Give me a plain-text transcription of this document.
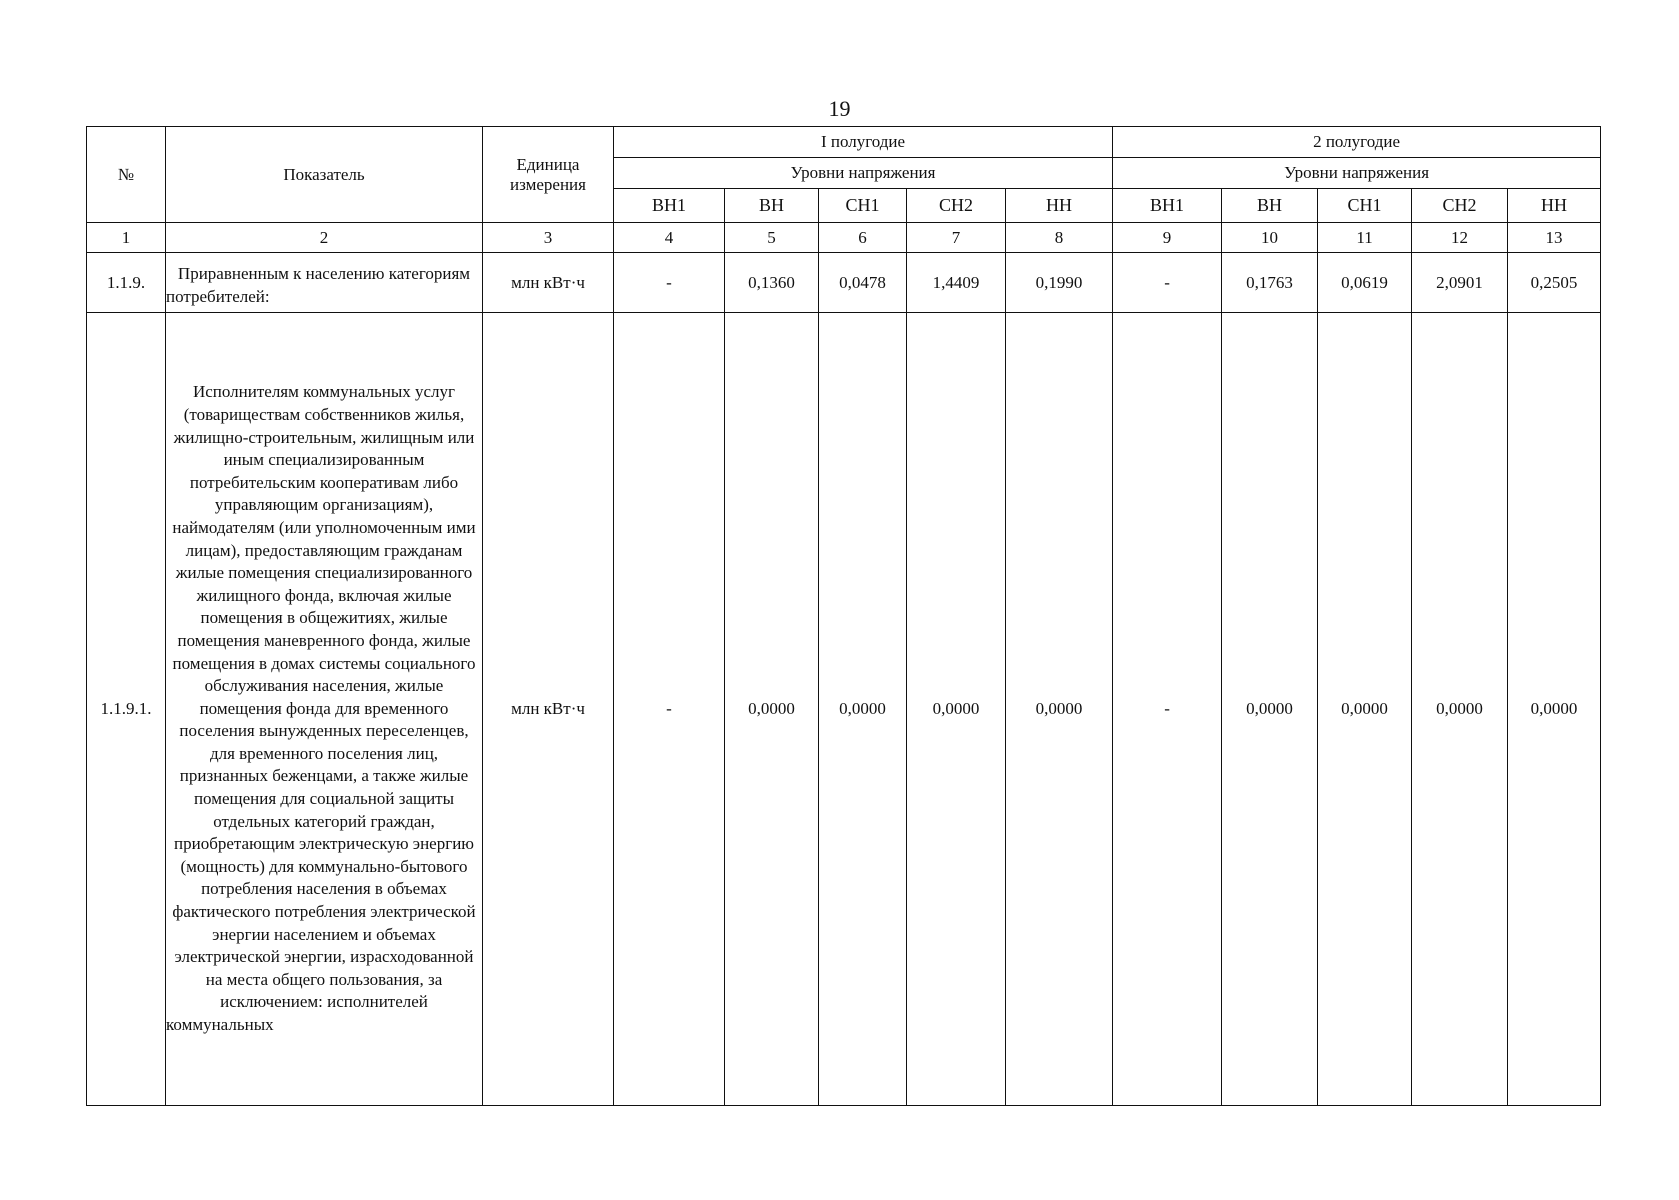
19
№	Показатель	Единица измерения	I полугодие					2 полугодие				
			Уровни напряжения					Уровни напряжения				
			ВН1	ВН	СН1	СН2	НН	ВН1	ВН	СН1	СН2	НН
1	2	3	4	5	6	7	8	9	10	11	12	13
1.1.9.	Приравненным к населению категориям потребителей:	млн кВт·ч	-	0,1360	0,0478	1,4409	0,1990	-	0,1763	0,0619	2,0901	0,2505
1.1.9.1.	Исполнителям коммунальных услуг (товариществам собственников жилья, жилищно-строительным, жилищным или иным специализированным потребительским кооперативам либо управляющим организациям), наймодателям (или уполномоченным ими лицам), предоставляющим гражданам жилые помещения специализированного жилищного фонда, включая жилые помещения в общежитиях, жилые помещения маневренного фонда, жилые помещения в домах системы социального обслуживания населения, жилые помещения фонда для временного поселения вынужденных переселенцев, для временного поселения лиц, признанных беженцами, а также жилые помещения для социальной защиты отдельных категорий граждан, приобретающим электрическую энергию (мощность) для коммунально-бытового потребления населения в объемах фактического потребления электрической энергии населением и объемах электрической энергии, израсходованной на места общего пользования, за исключением: исполнителей коммунальных	млн кВт·ч	-	0,0000	0,0000	0,0000	0,0000	-	0,0000	0,0000	0,0000	0,0000
